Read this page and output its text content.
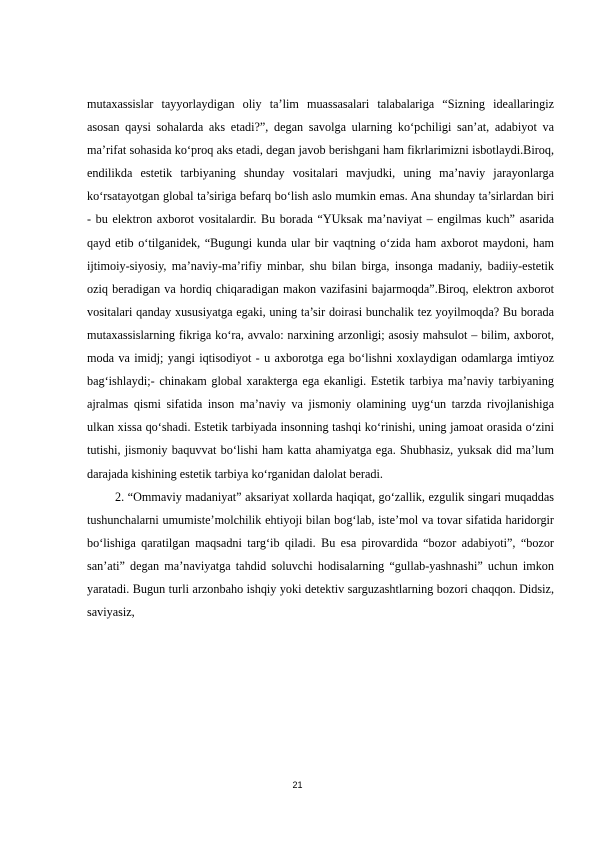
mutaxassislar tayyorlaydigan oliy ta’lim muassasalari talabalariga “Sizning ideallaringiz asosan qaysi sohalarda aks etadi?”, degan savolga ularning ko‘pchiligi san’at, adabiyot va ma’rifat sohasida ko‘proq aks etadi, degan javob berishgani ham fikrlarimizni isbotlaydi.Biroq, endilikda estetik tarbiyaning shunday vositalari mavjudki, uning ma’naviy jarayonlarga ko‘rsatayotgan global ta’siriga befarq bo‘lish aslo mumkin emas. Ana shunday ta’sirlardan biri - bu elektron axborot vositalardir. Bu borada “YUksak ma’naviyat – engilmas kuch” asarida qayd etib o‘tilganidek, “Bugungi kunda ular bir vaqtning o‘zida ham axborot maydoni, ham ijtimoiy-siyosiy, ma’naviy-ma’rifiy minbar, shu bilan birga, insonga madaniy, badiiy-estetik oziq beradigan va hordiq chiqaradigan makon vazifasini bajarmoqda”.Biroq, elektron axborot vositalari qanday xususiyatga egaki, uning ta’sir doirasi bunchalik tez yoyilmoqda? Bu borada mutaxassislarning fikriga ko‘ra, avvalo: narxining arzonligi; asosiy mahsulot – bilim, axborot, moda va imidj; yangi iqtisodiyot - u axborotga ega bo‘lishni xoxlaydigan odamlarga imtiyoz bag‘ishlaydi;- chinakam global xarakterga ega ekanligi. Estetik tarbiya ma’naviy tarbiyaning ajralmas qismi sifatida inson ma’naviy va jismoniy olamining uyg‘un tarzda rivojlanishiga ulkan xissa qo‘shadi. Estetik tarbiyada insonning tashqi ko‘rinishi, uning jamoat orasida o‘zini tutishi, jismoniy baquvvat bo‘lishi ham katta ahamiyatga ega. Shubhasiz, yuksak did ma’lum darajada kishining estetik tarbiya ko‘rganidan dalolat beradi.

2. “Ommaviy madaniyat” aksariyat xollarda haqiqat, go‘zallik, ezgulik singari muqaddas tushunchalarni umumiste’molchilik ehtiyoji bilan bog‘lab, iste’mol va tovar sifatida haridorgir bo‘lishiga qaratilgan maqsadni targ‘ib qiladi. Bu esa pirovardida “bozor adabiyoti”, “bozor san’ati” degan ma’naviyatga tahdid soluvchi hodisalarning “gullab-yashnashi” uchun imkon yaratadi. Bugun turli arzonbaho ishqiy yoki detektiv sarguzashtlarning bozori chaqqon. Didsiz, saviyasiz,

21
